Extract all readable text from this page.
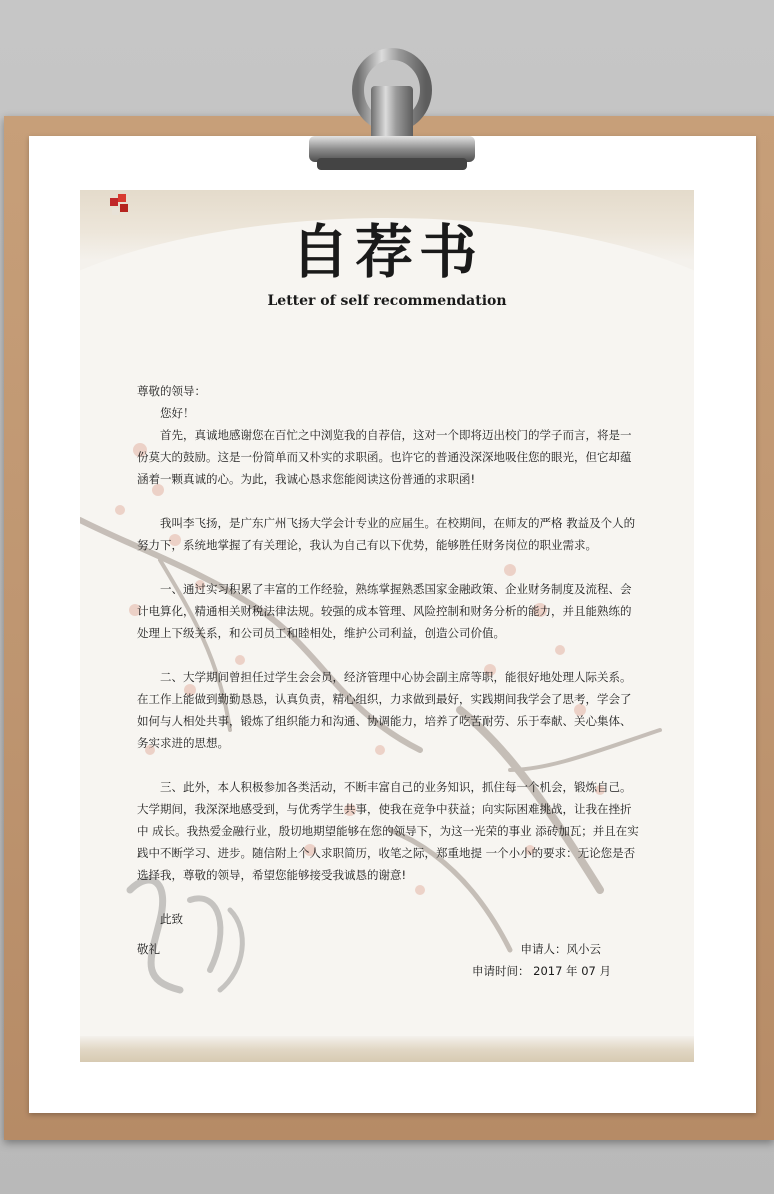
自荐书
Letter of self recommendation

尊敬的领导：

您好！

首先，真诚地感谢您在百忙之中浏览我的自荐信，这对一个即将迈出校门的学子而言，将是一份莫大的鼓励。这是一份简单而又朴实的求职函。也许它的普通没深深地吸住您的眼光，但它却蕴涵着一颗真诚的心。为此，我诚心恳求您能阅读这份普通的求职函!

我叫李飞扬，是广东广州飞扬大学会计专业的应届生。在校期间，在师友的严格 教益及个人的努力下，系统地掌握了有关理论，我认为自己有以下优势，能够胜任财务岗位的职业需求。

一、通过实习积累了丰富的工作经验，熟练掌握熟悉国家金融政策、企业财务制度及流程、会计电算化，精通相关财税法律法规。较强的成本管理、风险控制和财务分析的能力，并且能熟练的处理上下级关系，和公司员工和睦相处，维护公司利益，创造公司价值。

二、大学期间曾担任过学生会会员，经济管理中心协会副主席等职，能很好地处理人际关系。在工作上能做到勤勤恳恳，认真负责，精心组织，力求做到最好，实践期间我学会了思考，学会了如何与人相处共事，锻炼了组织能力和沟通、协调能力，培养了吃苦耐劳、乐于奉献、关心集体、务实求进的思想。

三、此外，本人积极参加各类活动，不断丰富自己的业务知识，抓住每一个机会，锻炼自己。大学期间，我深深地感受到，与优秀学生共事，使我在竞争中获益；向实际困难挑战，让我在挫折中 成长。我热爱金融行业，殷切地期望能够在您的领导下，为这一光荣的事业 添砖加瓦；并且在实践中不断学习、进步。随信附上个人求职简历，收笔之际，郑重地提 一个小小的要求：无论您是否选择我，尊敬的领导，希望您能够接受我诚恳的谢意!

此致

敬礼	申请人：风小云

申请时间： 2017 年 07 月
